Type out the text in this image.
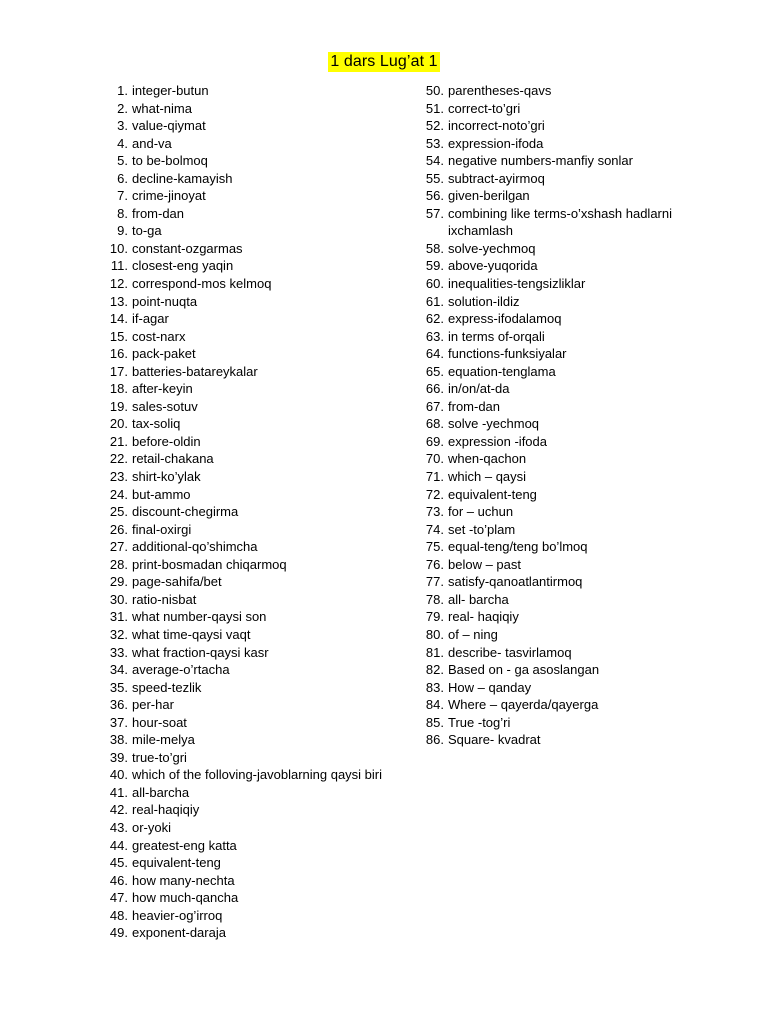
1 dars Lug’at 1
1. integer-butun
2. what-nima
3. value-qiymat
4. and-va
5. to be-bolmoq
6. decline-kamayish
7. crime-jinoyat
8. from-dan
9. to-ga
10. constant-ozgarmas
11. closest-eng yaqin
12. correspond-mos kelmoq
13. point-nuqta
14. if-agar
15. cost-narx
16. pack-paket
17. batteries-batareykalar
18. after-keyin
19. sales-sotuv
20. tax-soliq
21. before-oldin
22. retail-chakana
23. shirt-ko’ylak
24. but-ammo
25. discount-chegirma
26. final-oxirgi
27. additional-qo’shimcha
28. print-bosmadan chiqarmoq
29. page-sahifa/bet
30. ratio-nisbat
31. what number-qaysi son
32. what time-qaysi vaqt
33. what fraction-qaysi kasr
34. average-o’rtacha
35. speed-tezlik
36. per-har
37. hour-soat
38. mile-melya
39. true-to’gri
40. which of the folloving-javoblarning qaysi biri
41. all-barcha
42. real-haqiqiy
43. or-yoki
44. greatest-eng katta
45. equivalent-teng
46. how many-nechta
47. how much-qancha
48. heavier-og’irroq
49. exponent-daraja
50. parentheses-qavs
51. correct-to’gri
52. incorrect-noto’gri
53. expression-ifoda
54. negative numbers-manfiy sonlar
55. subtract-ayirmoq
56. given-berilgan
57. combining like terms-o’xshash hadlarni ixchamlash
58. solve-yechmoq
59. above-yuqorida
60. inequalities-tengsizliklar
61. solution-ildiz
62. express-ifodalamoq
63. in terms of-orqali
64. functions-funksiyalar
65. equation-tenglama
66. in/on/at-da
67. from-dan
68. solve -yechmoq
69. expression -ifoda
70. when-qachon
71. which – qaysi
72. equivalent-teng
73. for – uchun
74. set -to’plam
75. equal-teng/teng bo’lmoq
76. below – past
77. satisfy-qanoatlantirmoq
78. all- barcha
79. real- haqiqiy
80. of – ning
81. describe- tasvirlamoq
82. Based on - ga asoslangan
83. How – qanday
84. Where – qayerda/qayerga
85. True -tog’ri
86. Square- kvadrat
